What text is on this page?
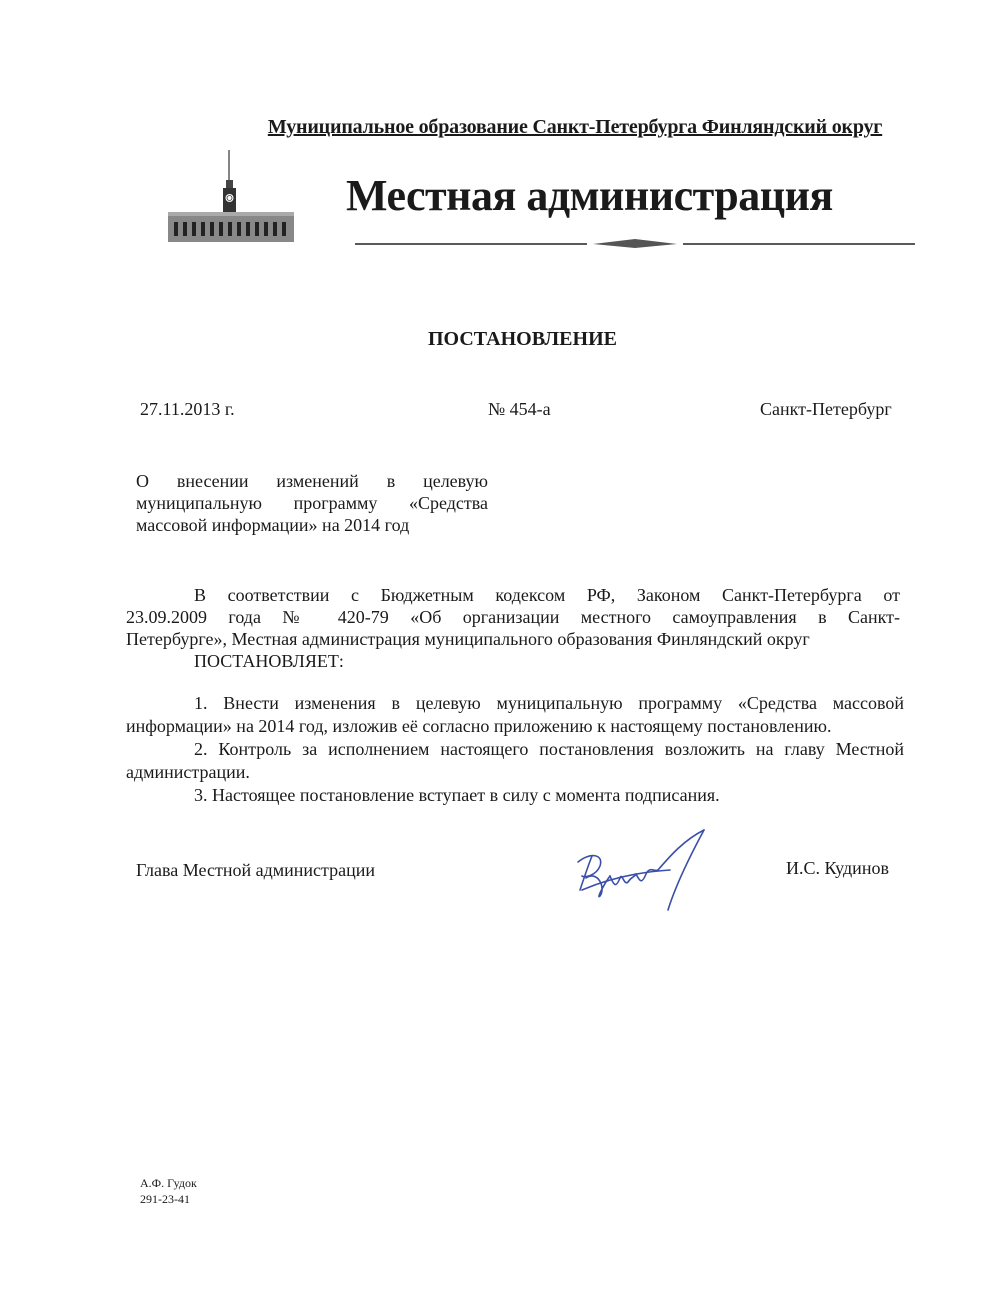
Муниципальное образование Санкт-Петербурга Финляндский округ
Местная администрация
ПОСТАНОВЛЕНИЕ
27.11.2013 г.	№ 454-а	Санкт-Петербург
О внесении изменений в целевую
муниципальную программу «Средства
массовой информации» на 2014 год
В соответствии с Бюджетным кодексом РФ, Законом Санкт-Петербурга от
23.09.2009 года № 420-79 «Об организации местного самоуправления в Санкт-
Петербурге», Местная администрация муниципального образования Финляндский округ
ПОСТАНОВЛЯЕТ:
1. Внести изменения в целевую муниципальную программу «Средства массовой
информации» на 2014 год, изложив её согласно приложению к настоящему постановлению.
2. Контроль за исполнением настоящего постановления возложить на главу Местной
администрации.
3. Настоящее постановление вступает в силу с момента подписания.
Глава Местной администрации	И.С. Кудинов
А.Ф. Гудок
291-23-41
